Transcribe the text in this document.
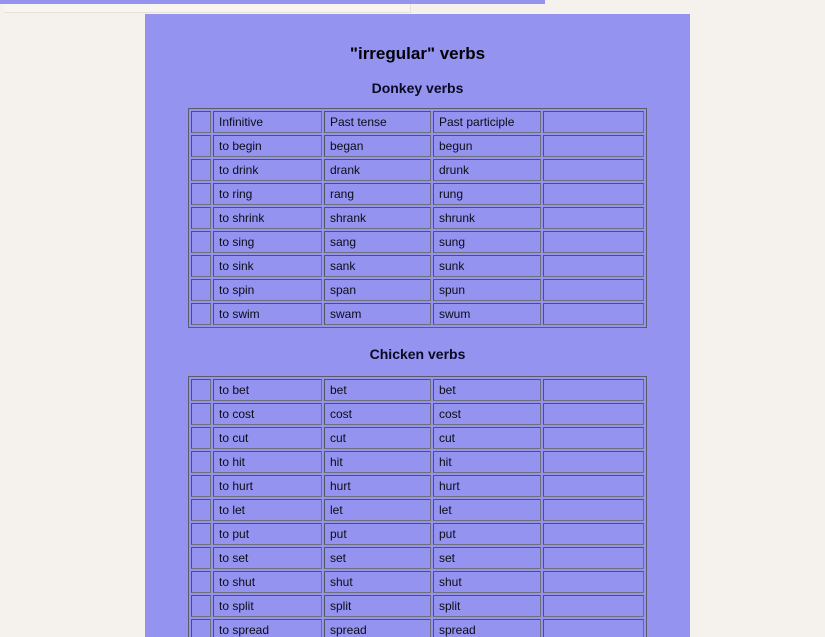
"irregular" verbs
Donkey verbs
	Infinitive	Past tense	Past participle	
	to begin	began	begun	
	to drink	drank	drunk	
	to ring	rang	rung	
	to shrink	shrank	shrunk	
	to sing	sang	sung	
	to sink	sank	sunk	
	to spin	span	spun	
	to swim	swam	swum	
Chicken verbs
	to bet	bet	bet	
	to cost	cost	cost	
	to cut	cut	cut	
	to hit	hit	hit	
	to hurt	hurt	hurt	
	to let	let	let	
	to put	put	put	
	to set	set	set	
	to shut	shut	shut	
	to split	split	split	
	to spread	spread	spread	
